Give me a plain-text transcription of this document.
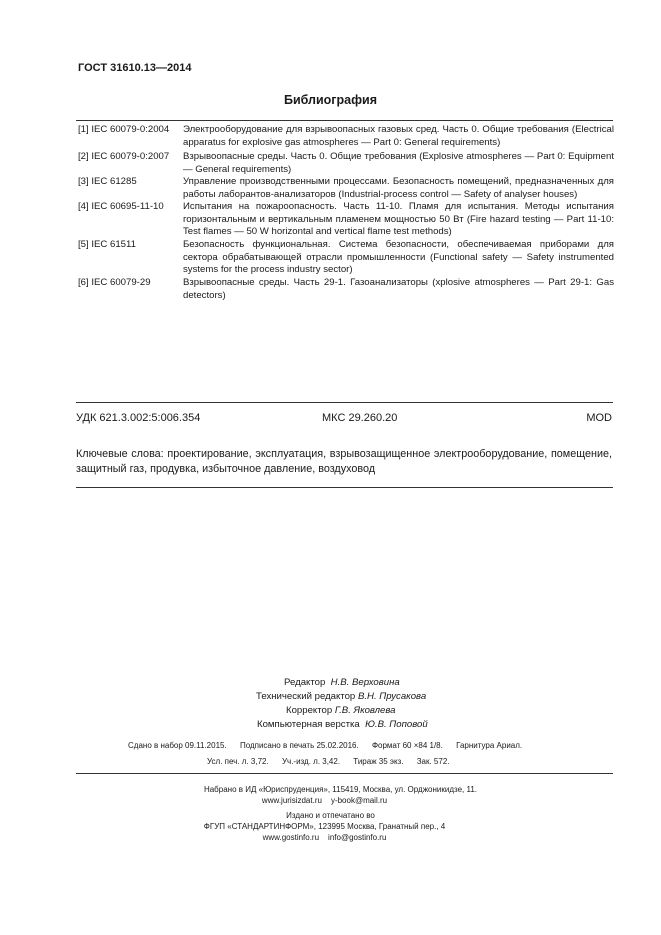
ГОСТ 31610.13—2014
Библиография
[1] IEC 60079-0:2004	Электрооборудование для взрывоопасных газовых сред. Часть 0. Общие требования (Electrical apparatus for explosive gas atmospheres — Part 0: General requirements)
[2] IEC 60079-0:2007	Взрывоопасные среды. Часть 0. Общие требования (Explosive atmospheres — Part 0: Equipment — General requirements)
[3] IEC 61285	Управление производственными процессами. Безопасность помещений, предназначенных для работы лаборантов-анализаторов (Industrial-process control — Safety of analyser houses)
[4] IEC 60695-11-10	Испытания на пожароопасность. Часть 11-10. Пламя для испытания. Методы испытания горизонтальным и вертикальным пламенем мощностью 50 Вт (Fire hazard testing — Part 11-10: Test flames — 50 W horizontal and vertical flame test methods)
[5] IEC 61511	Безопасность функциональная. Система безопасности, обеспечиваемая приборами для сектора обрабатывающей отрасли промышленности (Functional safety — Safety instrumented systems for the process industry sector)
[6] IEC 60079-29	Взрывоопасные среды. Часть 29-1. Газоанализаторы (xplosive atmospheres — Part 29-1: Gas detectors)
УДК 621.3.002:5:006.354	МКС 29.260.20	MOD
Ключевые слова: проектирование, эксплуатация, взрывозащищенное электрооборудование, помещение, защитный газ, продувка, избыточное давление, воздуховод
Редактор Н.В. Верховина
Технический редактор В.Н. Прусакова
Корректор Г.В. Яковлева
Компьютерная верстка Ю.В. Поповой
Сдано в набор 09.11.2015. Подписано в печать 25.02.2016. Формат 60 ×84 1/8. Гарнитура Ариал.
Усл. печ. л. 3,72. Уч.-изд. л. 3,42. Тираж 35 экз. Зак. 572.
Набрано в ИД «Юриспруденция», 115419, Москва, ул. Орджоникидзе, 11.
www.jurisizdat.ru y-book@mail.ru
Издано и отпечатано во
ФГУП «СТАНДАРТИНФОРМ», 123995 Москва, Гранатный пер., 4
www.gostinfo.ru info@gostinfo.ru
